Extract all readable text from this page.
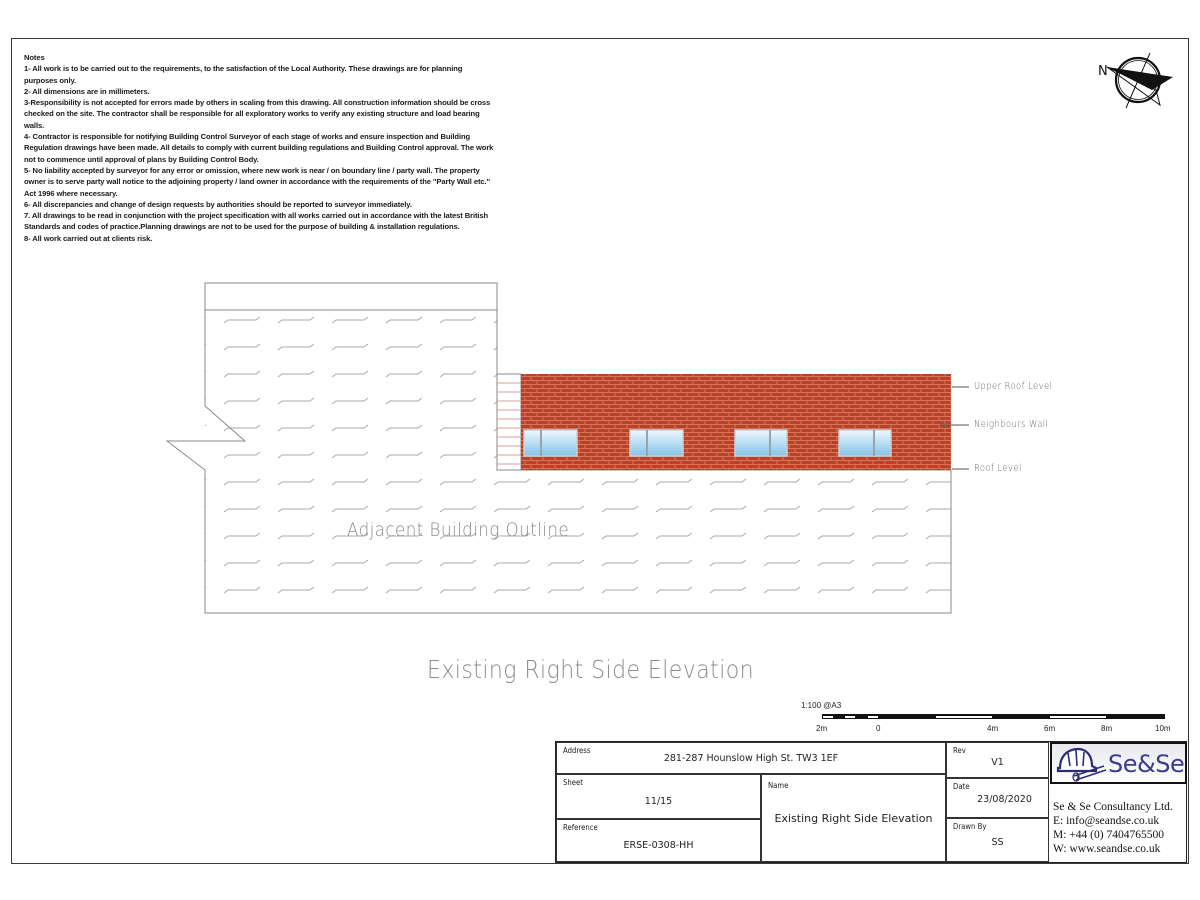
Notes

1- All work is to be carried out to the requirements, to the satisfaction of the Local Authority. These drawings are for planning purposes only.

2- All dimensions are in millimeters.

3-Responsibility is not accepted for errors made by others in scaling from this drawing. All construction information should be cross checked on the site. The contractor shall be responsible for all exploratory works to verify any existing structure and load bearing walls.

4- Contractor is responsible for notifying Building Control Surveyor of each stage of works and ensure inspection and Building Regulation drawings have been made. All details to comply with current building regulations and Building Control approval. The work not to commence until approval of plans by Building Control Body.

5- No liability accepted by surveyor for any error or omission, where new work is near / on boundary line / party wall. The property owner is to serve party wall notice to the adjoining property / land owner in accordance with the requirements of the "Party Wall etc." Act 1996 where necessary.

6- All discrepancies and change of design requests by authorities should be reported to surveyor immediately.

7. All drawings to be read in conjunction with the project specification with all works carried out in accordance with the latest British Standards and codes of practice.Planning drawings are not to be used for the purpose of building & installation regulations.

8- All work carried out at clients risk.

N
Upper Roof Level
Neighbours Wall
Roof Level
Adjacent Building Outline
Existing Right Side Elevation
1:100 @A3
2m	0	4m	6m	8m	10m
Address
281-287 Hounslow High St. TW3 1EF
Sheet
11/15
Reference
ERSE-0308-HH
Name
Existing Right Side Elevation
Rev
V1
Date
23/08/2020
Drawn By
SS
Se&Se
Se & Se Consultancy Ltd.
E: info@seandse.co.uk
M: +44 (0) 7404765500
W: www.seandse.co.uk
